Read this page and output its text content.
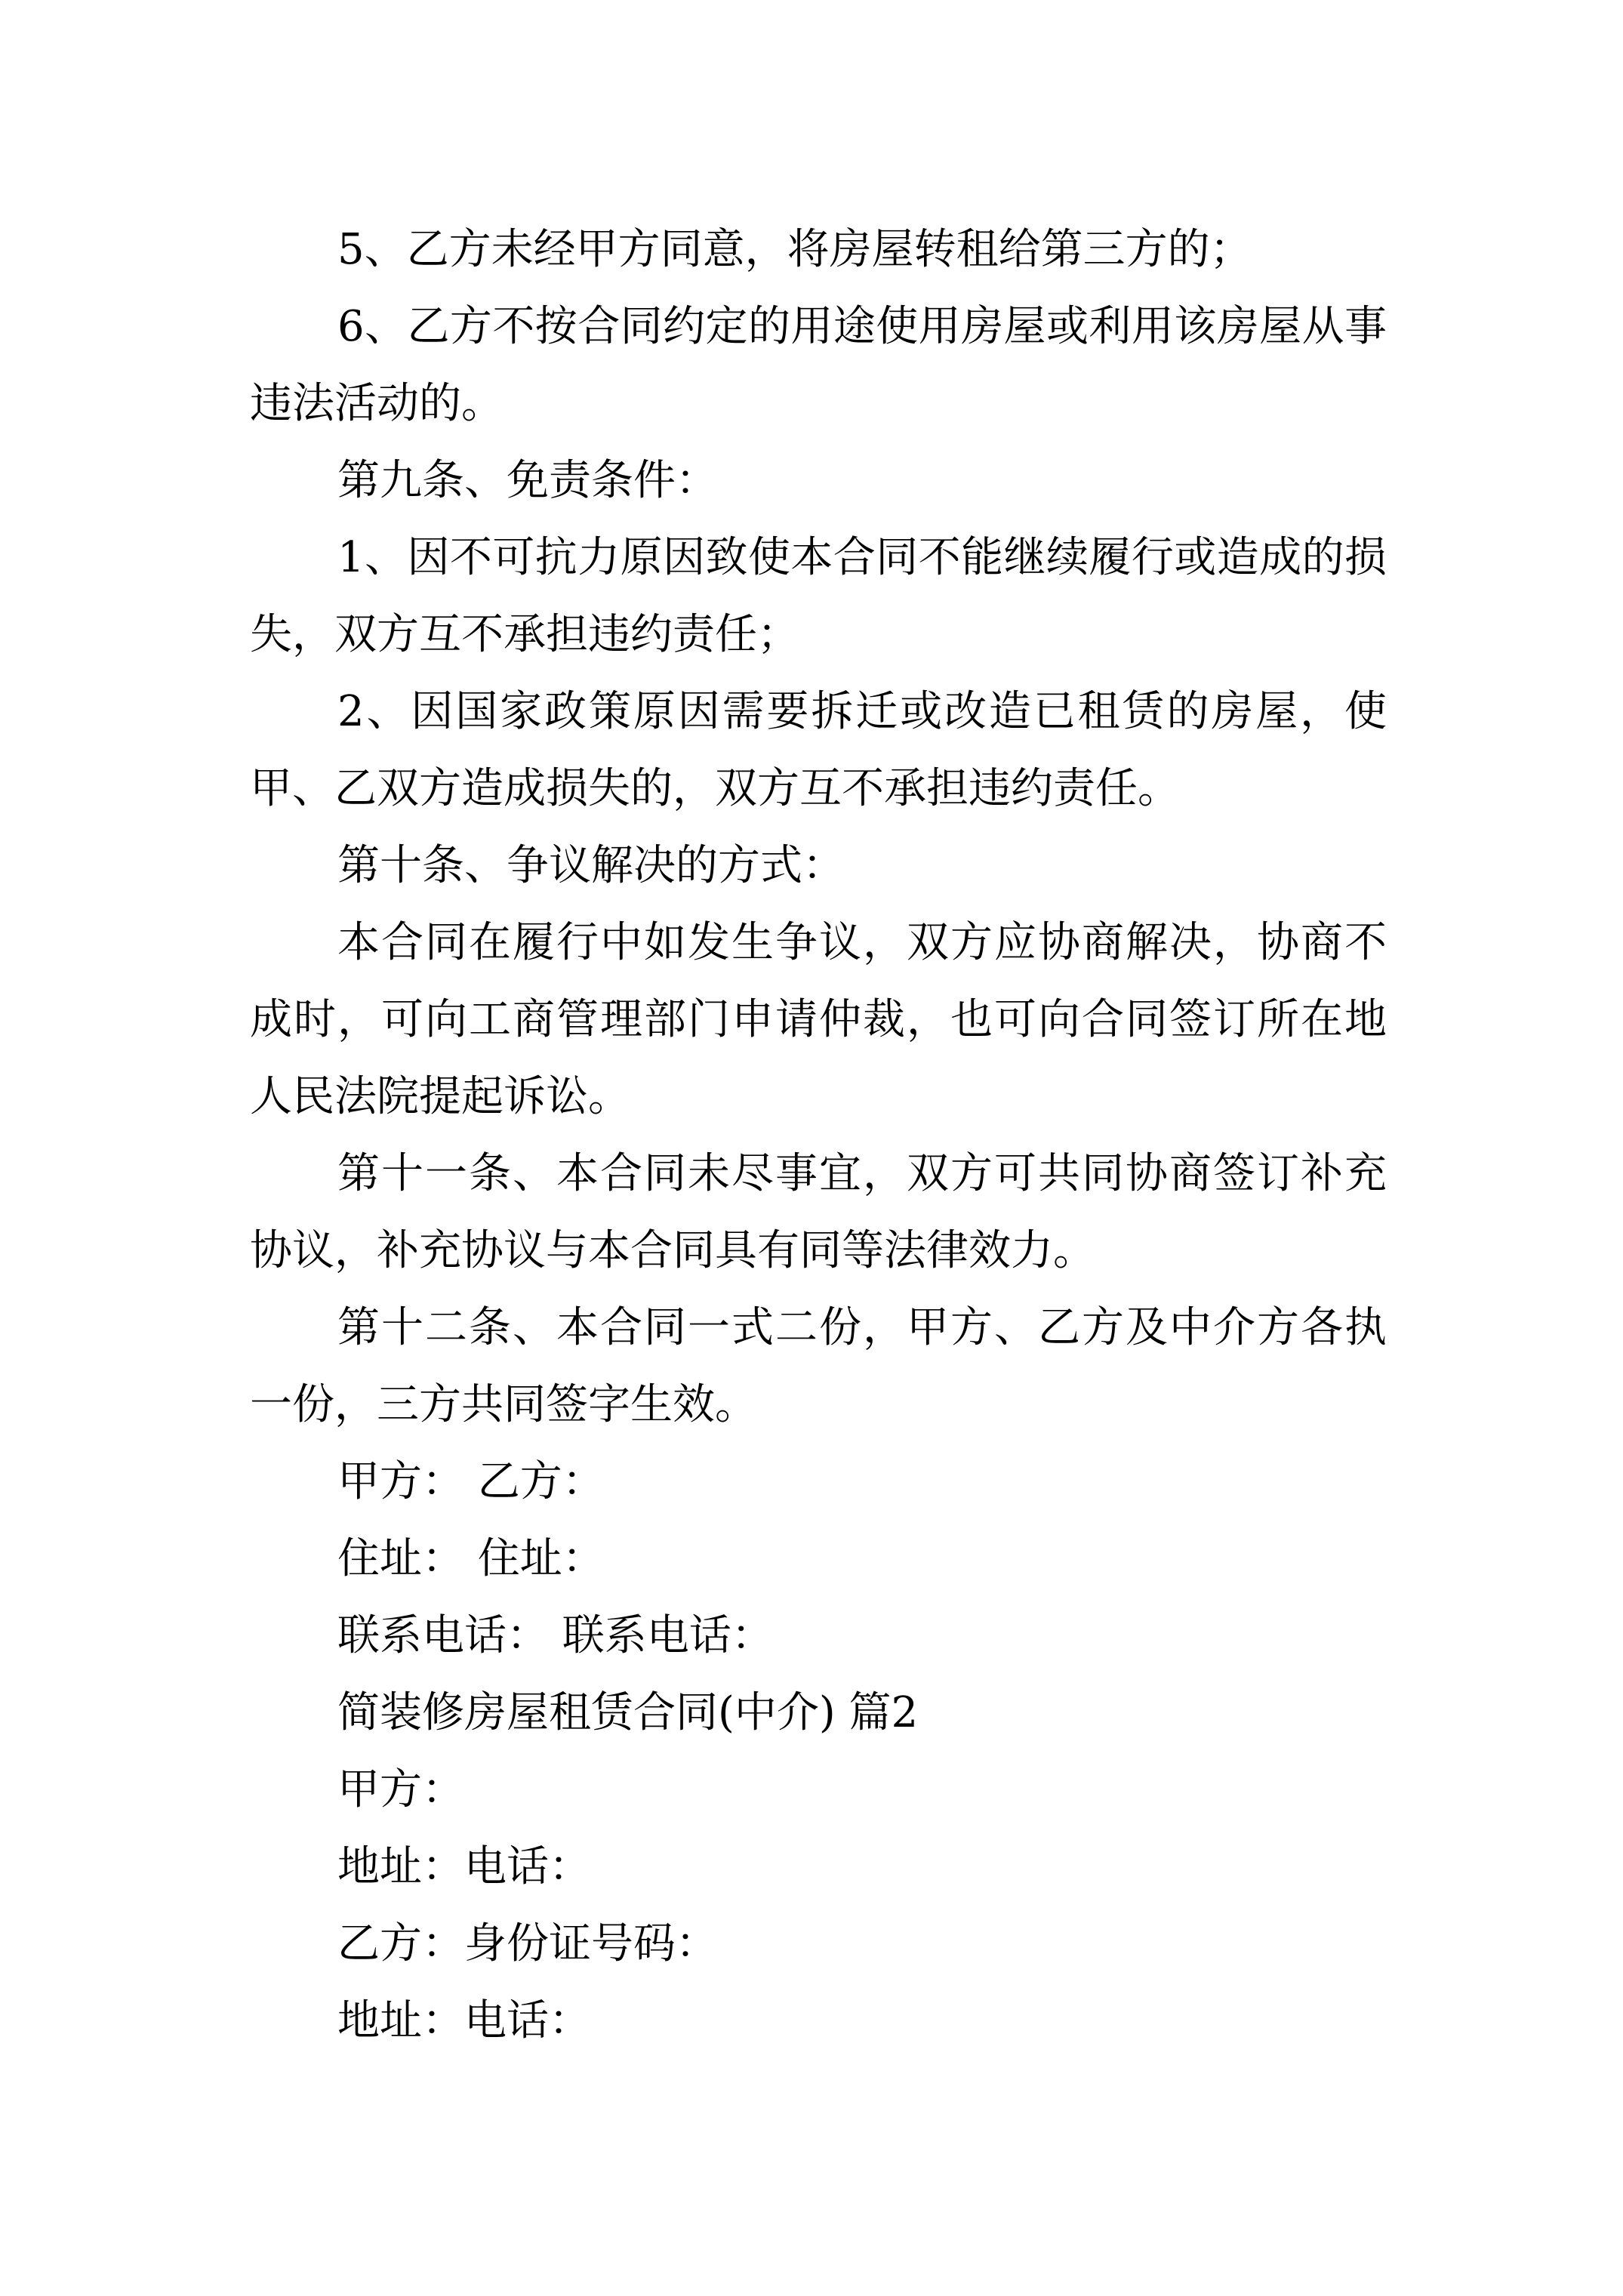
5、乙方未经甲方同意，将房屋转租给第三方的；

6、乙方不按合同约定的用途使用房屋或利用该房屋从事违法活动的。

第九条、免责条件：

1、因不可抗力原因致使本合同不能继续履行或造成的损失，双方互不承担违约责任；

2、因国家政策原因需要拆迁或改造已租赁的房屋，使甲、乙双方造成损失的，双方互不承担违约责任。

第十条、争议解决的方式：

本合同在履行中如发生争议，双方应协商解决，协商不成时，可向工商管理部门申请仲裁，也可向合同签订所在地人民法院提起诉讼。

第十一条、本合同未尽事宜，双方可共同协商签订补充协议，补充协议与本合同具有同等法律效力。

第十二条、本合同一式二份，甲方、乙方及中介方各执一份，三方共同签字生效。

甲方： 乙方：

住址： 住址：

联系电话： 联系电话：

简装修房屋租赁合同(中介) 篇2

甲方：

地址：电话：

乙方：身份证号码：

地址：电话：
